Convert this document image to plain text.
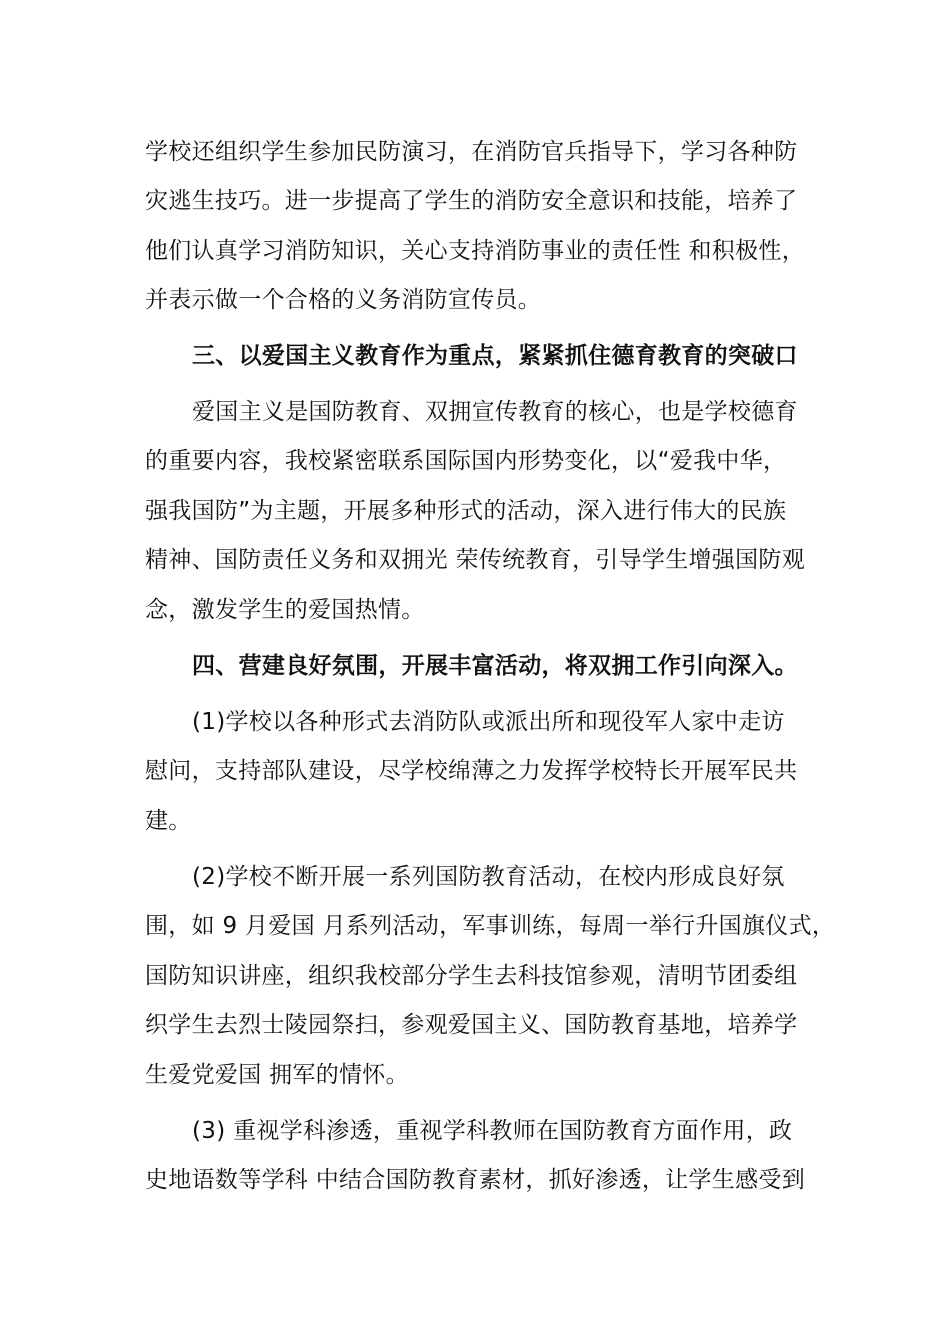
学校还组织学生参加民防演习，在消防官兵指导下，学习各种防

灾逃生技巧。进一步提高了学生的消防安全意识和技能，培养了

他们认真学习消防知识，关心支持消防事业的责任性 和积极性，

并表示做一个合格的义务消防宣传员。

三、以爱国主义教育作为重点，紧紧抓住德育教育的突破口

爱国主义是国防教育、双拥宣传教育的核心，也是学校德育

的重要内容，我校紧密联系国际国内形势变化，以“爱我中华，

强我国防”为主题，开展多种形式的活动，深入进行伟大的民族

精神、国防责任义务和双拥光 荣传统教育，引导学生增强国防观

念，激发学生的爱国热情。

四、营建良好氛围，开展丰富活动，将双拥工作引向深入。

(1)学校以各种形式去消防队或派出所和现役军人家中走访

慰问，支持部队建设，尽学校绵薄之力发挥学校特长开展军民共

建。

(2)学校不断开展一系列国防教育活动，在校内形成良好氛

围，如 9 月爱国 月系列活动，军事训练，每周一举行升国旗仪式，

国防知识讲座，组织我校部分学生去科技馆参观，清明节团委组

织学生去烈士陵园祭扫，参观爱国主义、国防教育基地，培养学

生爱党爱国 拥军的情怀。

(3) 重视学科渗透，重视学科教师在国防教育方面作用，政

史地语数等学科 中结合国防教育素材，抓好渗透，让学生感受到
